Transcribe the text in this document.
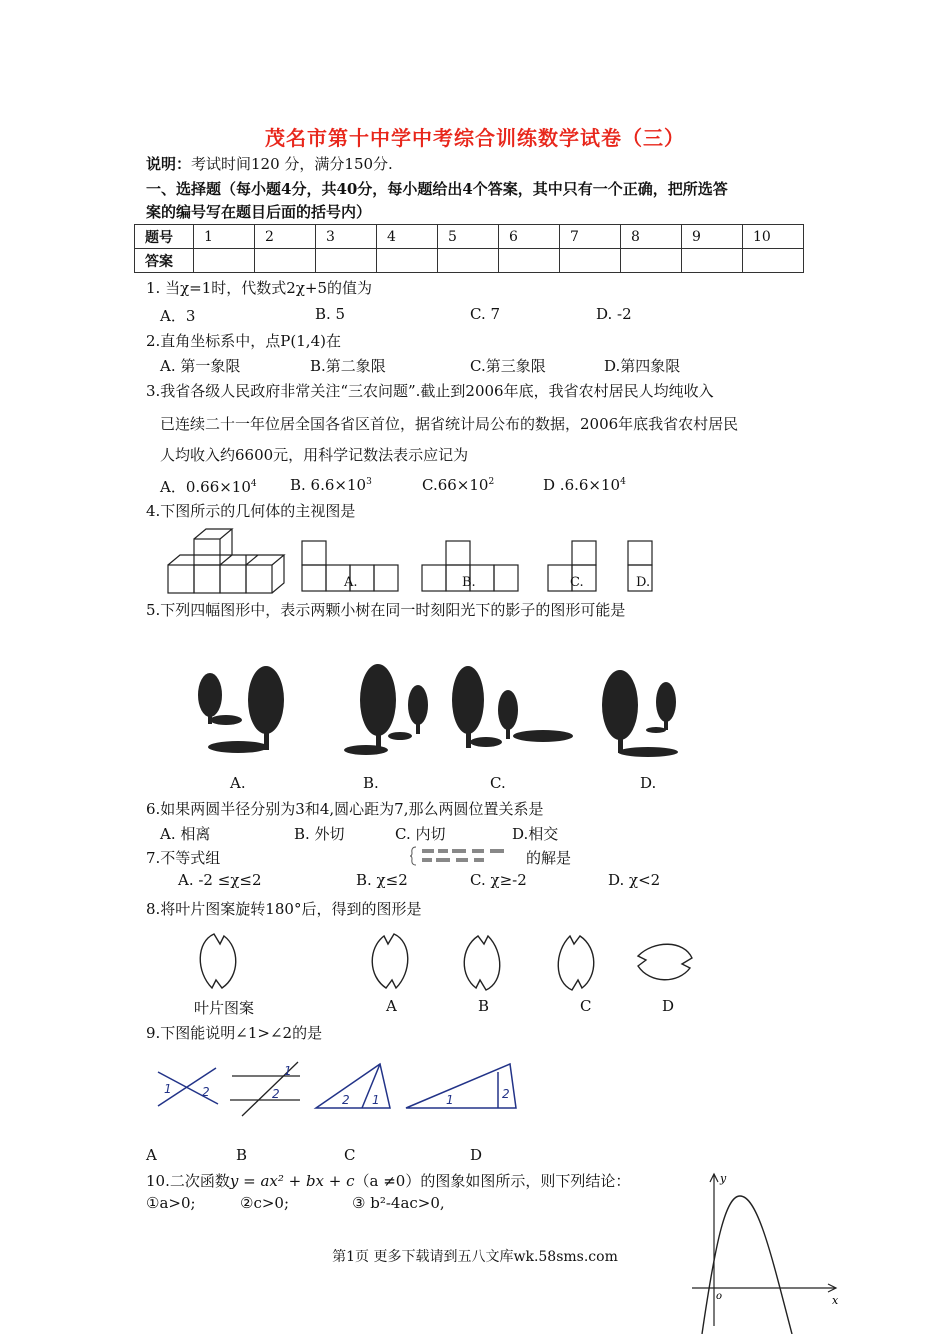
茂名市第十中学中考综合训练数学试卷（三）
说明：考试时间120 分，满分150分.
一、选择题（每小题4分，共40分，每小题给出4个答案，其中只有一个正确，把所选答
案的编号写在题目后面的括号内）
题号	1	2	3	4	5	6	7	8	9	10
答案										
1. 当χ=1时，代数式2χ+5的值为
A．3	B. 5	C. 7	D. -2
2.直角坐标系中，点P(1,4)在
A. 第一象限	B.第二象限	C.第三象限	D.第四象限
3.我省各级人民政府非常关注“三农问题”.截止到2006年底，我省农村居民人均纯收入
已连续二十一年位居全国各省区首位，据省统计局公布的数据，2006年底我省农村居民
人均收入约6600元，用科学记数法表示应记为
A．$0.66\times 10^4$ B. $6.6\times 10^3$	$C.66\times 10^2$	D $.6.6\times 10^4$
4.下图所示的几何体的主视图是
A.	B.	C.	D.
5.下列四幅图形中，表示两颗小树在同一时刻阳光下的影子的图形可能是
A.	B.	C.	D.
6.如果两圆半径分别为3和4,圆心距为7,那么两圆位置关系是
A. 相离	B. 外切	C. 内切	D.相交
7.不等式组	的解是
A. -2 ≤χ≤2	B. χ≤2	C. χ≥-2	D. χ<2
8.将叶片图案旋转180°后，得到的图形是
叶片图案	A	B	C	D
9.下图能说明∠1>∠2的是
1	2
1
2	2 1	1	2
A	B	C	D
10.二次函数y = ax² + bx + c（a ≠0）的图象如图所示，则下列结论：
①a>0;	②c>0;	③ b²-4ac>0,
y
x
o
第1页 更多下载请到五八文库wk.58sms.com
